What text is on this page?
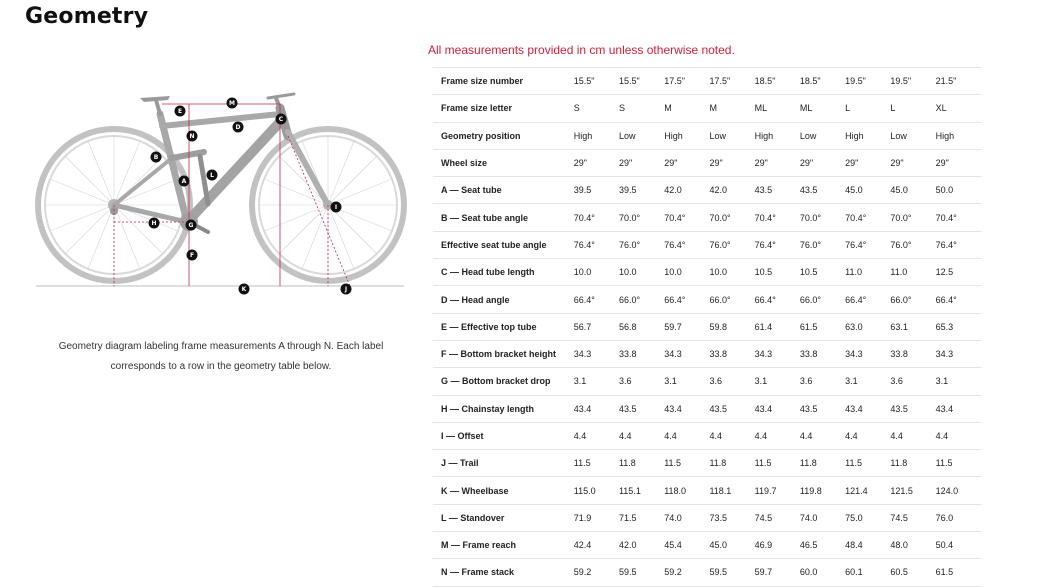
Geometry
All measurements provided in cm unless otherwise noted.
M
E
D
C
N
B
A
L
H	G
I
F
K	J
Geometry diagram labeling frame measurements A through N. Each label corresponds to a row in the geometry table below.
Frame size number	15.5"	15.5"	17.5"	17.5"	18.5"	18.5"	19.5"	19.5"	21.5"
Frame size letter	S	S	M	M	ML	ML	L	L	XL
Geometry position	High	Low	High	Low	High	Low	High	Low	High
Wheel size	29"	29"	29"	29"	29"	29"	29"	29"	29"
A — Seat tube	39.5	39.5	42.0	42.0	43.5	43.5	45.0	45.0	50.0
B — Seat tube angle	70.4°	70.0°	70.4°	70.0°	70.4°	70.0°	70.4°	70.0°	70.4°
Effective seat tube angle	76.4°	76.0°	76.4°	76.0°	76.4°	76.0°	76.4°	76.0°	76.4°
C — Head tube length	10.0	10.0	10.0	10.0	10.5	10.5	11.0	11.0	12.5
D — Head angle	66.4°	66.0°	66.4°	66.0°	66.4°	66.0°	66.4°	66.0°	66.4°
E — Effective top tube	56.7	56.8	59.7	59.8	61.4	61.5	63.0	63.1	65.3
F — Bottom bracket height	34.3	33.8	34.3	33.8	34.3	33.8	34.3	33.8	34.3
G — Bottom bracket drop	3.1	3.6	3.1	3.6	3.1	3.6	3.1	3.6	3.1
H — Chainstay length	43.4	43.5	43.4	43.5	43.4	43.5	43.4	43.5	43.4
I — Offset	4.4	4.4	4.4	4.4	4.4	4.4	4.4	4.4	4.4
J — Trail	11.5	11.8	11.5	11.8	11.5	11.8	11.5	11.8	11.5
K — Wheelbase	115.0	115.1	118.0	118.1	119.7	119.8	121.4	121.5	124.0
L — Standover	71.9	71.5	74.0	73.5	74.5	74.0	75.0	74.5	76.0
M — Frame reach	42.4	42.0	45.4	45.0	46.9	46.5	48.4	48.0	50.4
N — Frame stack	59.2	59.5	59.2	59.5	59.7	60.0	60.1	60.5	61.5
